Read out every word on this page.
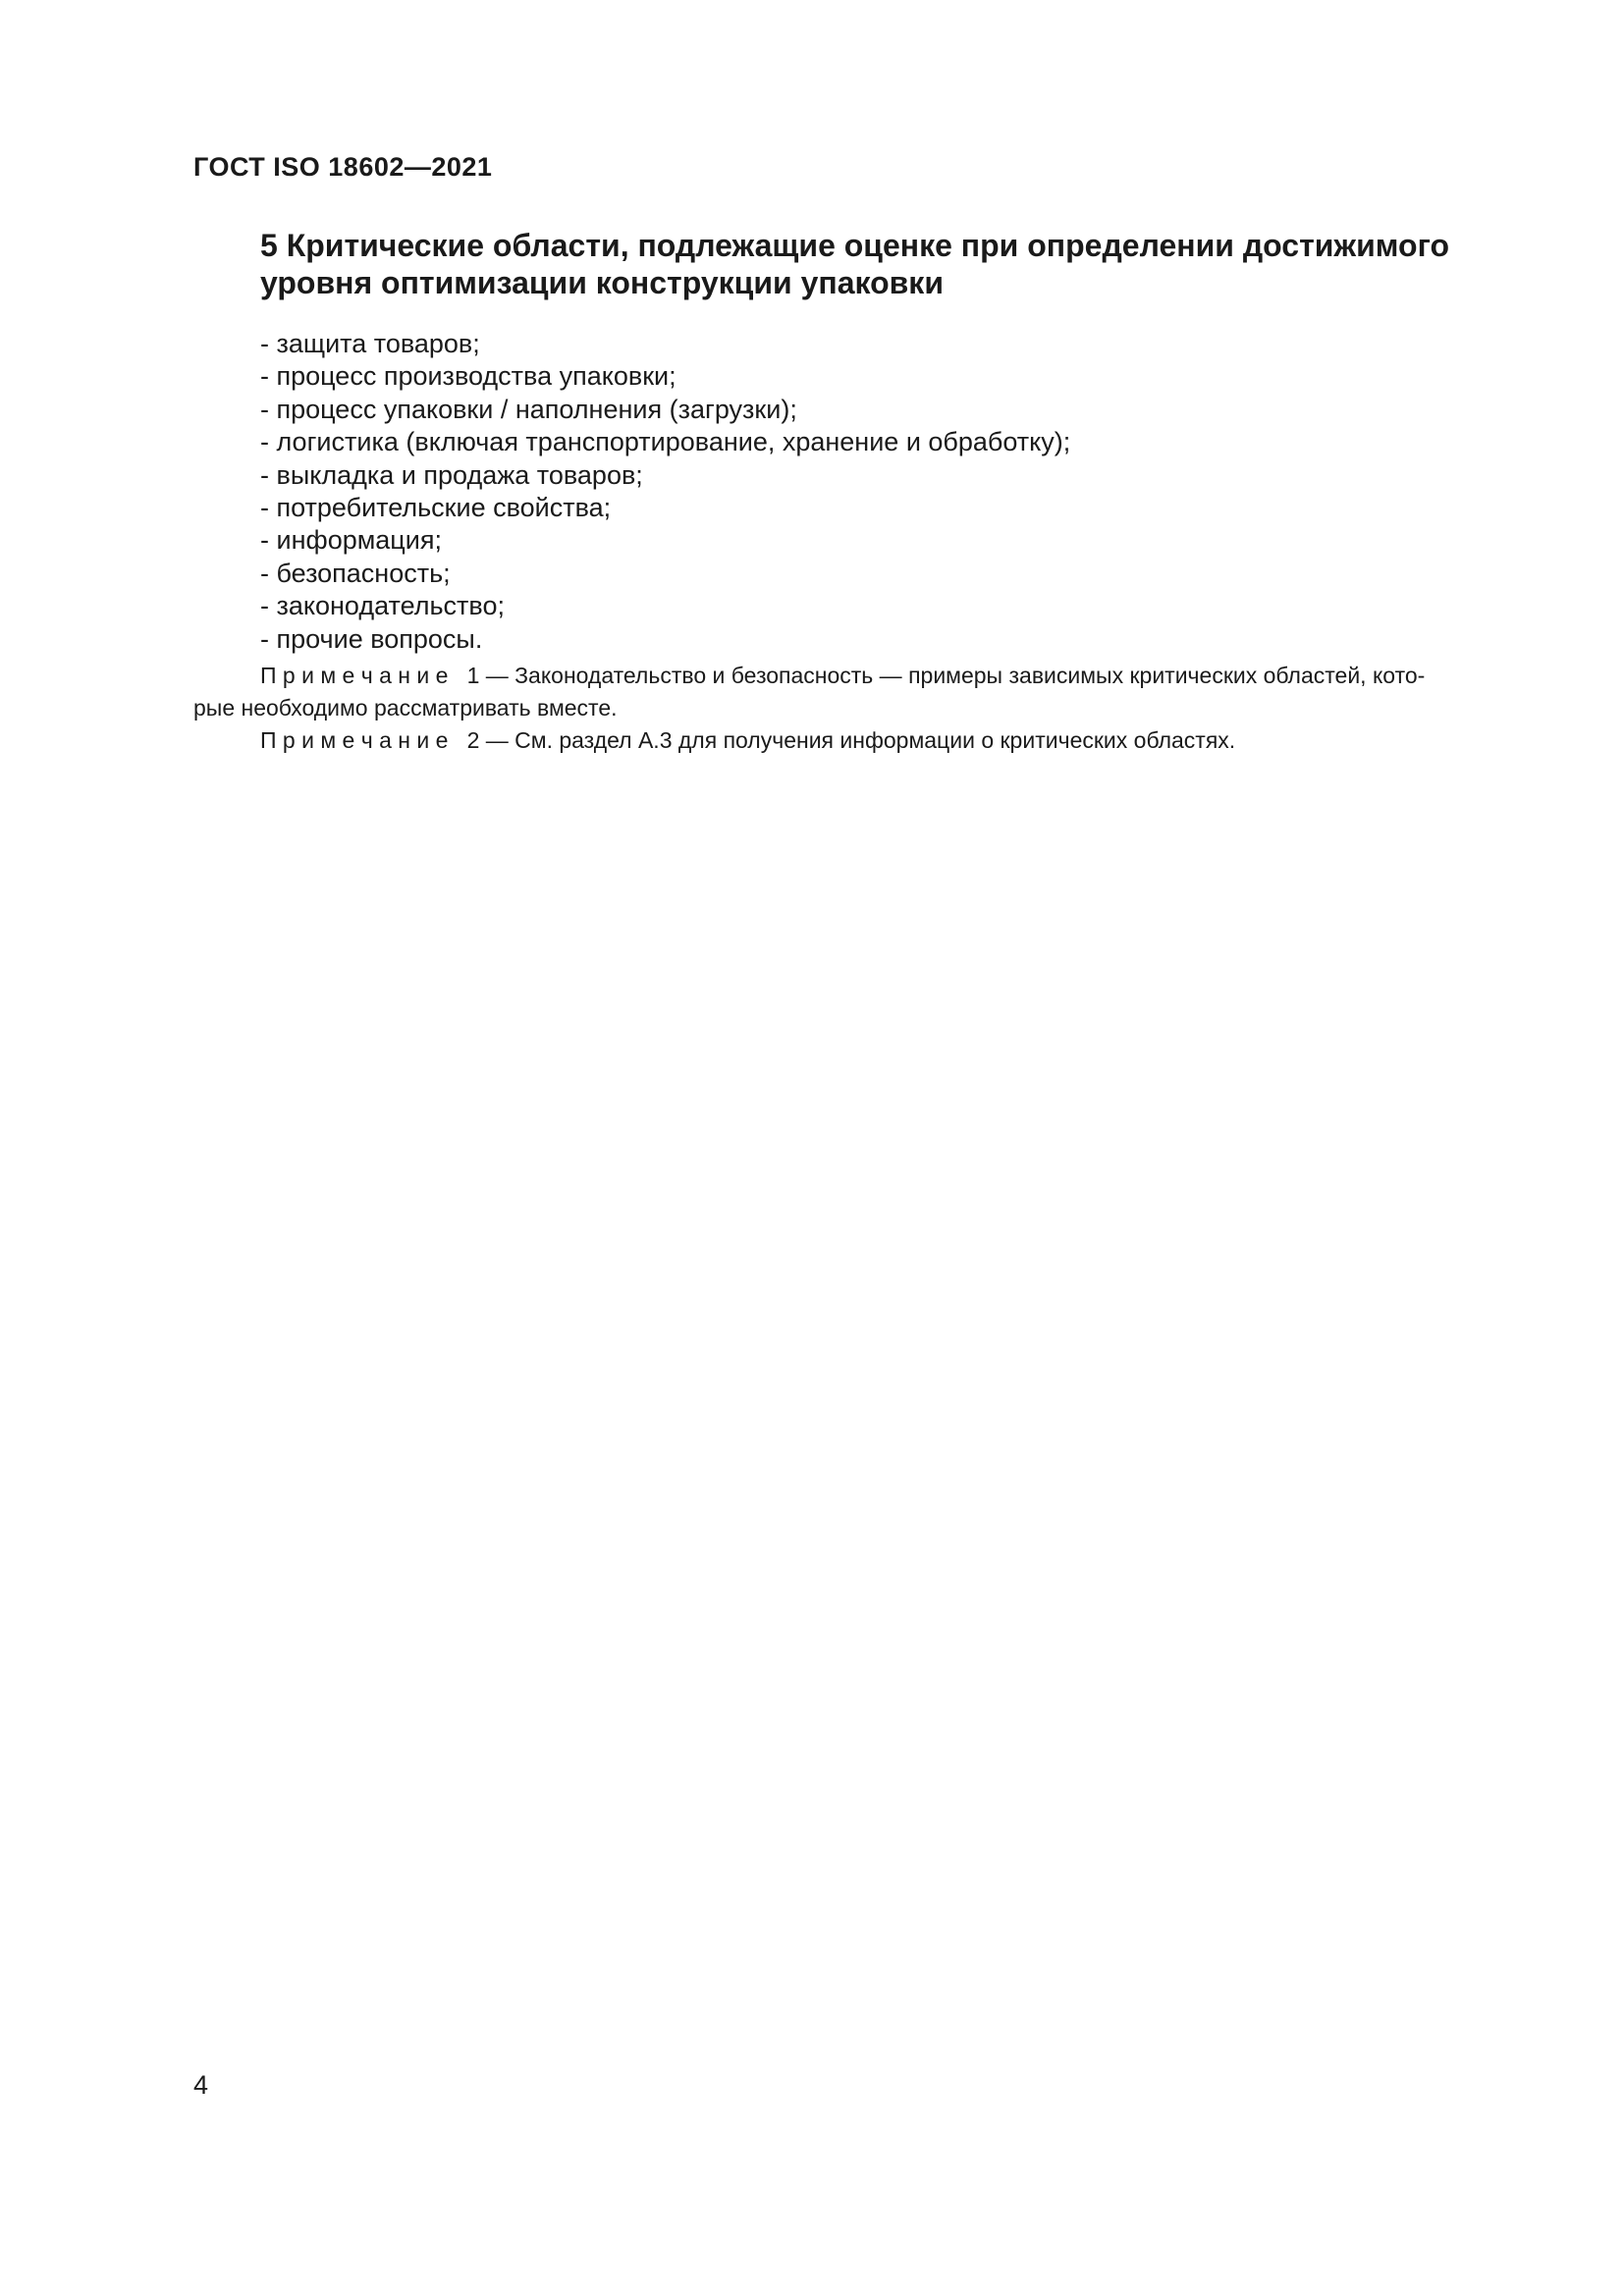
ГОСТ ISO 18602—2021
5 Критические области, подлежащие оценке при определении достижимого
уровня оптимизации конструкции упаковки
- защита товаров;
- процесс производства упаковки;
- процесс упаковки / наполнения (загрузки);
- логистика (включая транспортирование, хранение и обработку);
- выкладка и продажа товаров;
- потребительские свойства;
- информация;
- безопасность;
- законодательство;
- прочие вопросы.
П р и м е ч а н и е   1 — Законодательство и безопасность — примеры зависимых критических областей, кото-
рые необходимо рассматривать вместе.
П р и м е ч а н и е   2 — См. раздел А.3 для получения информации о критических областях.
4
